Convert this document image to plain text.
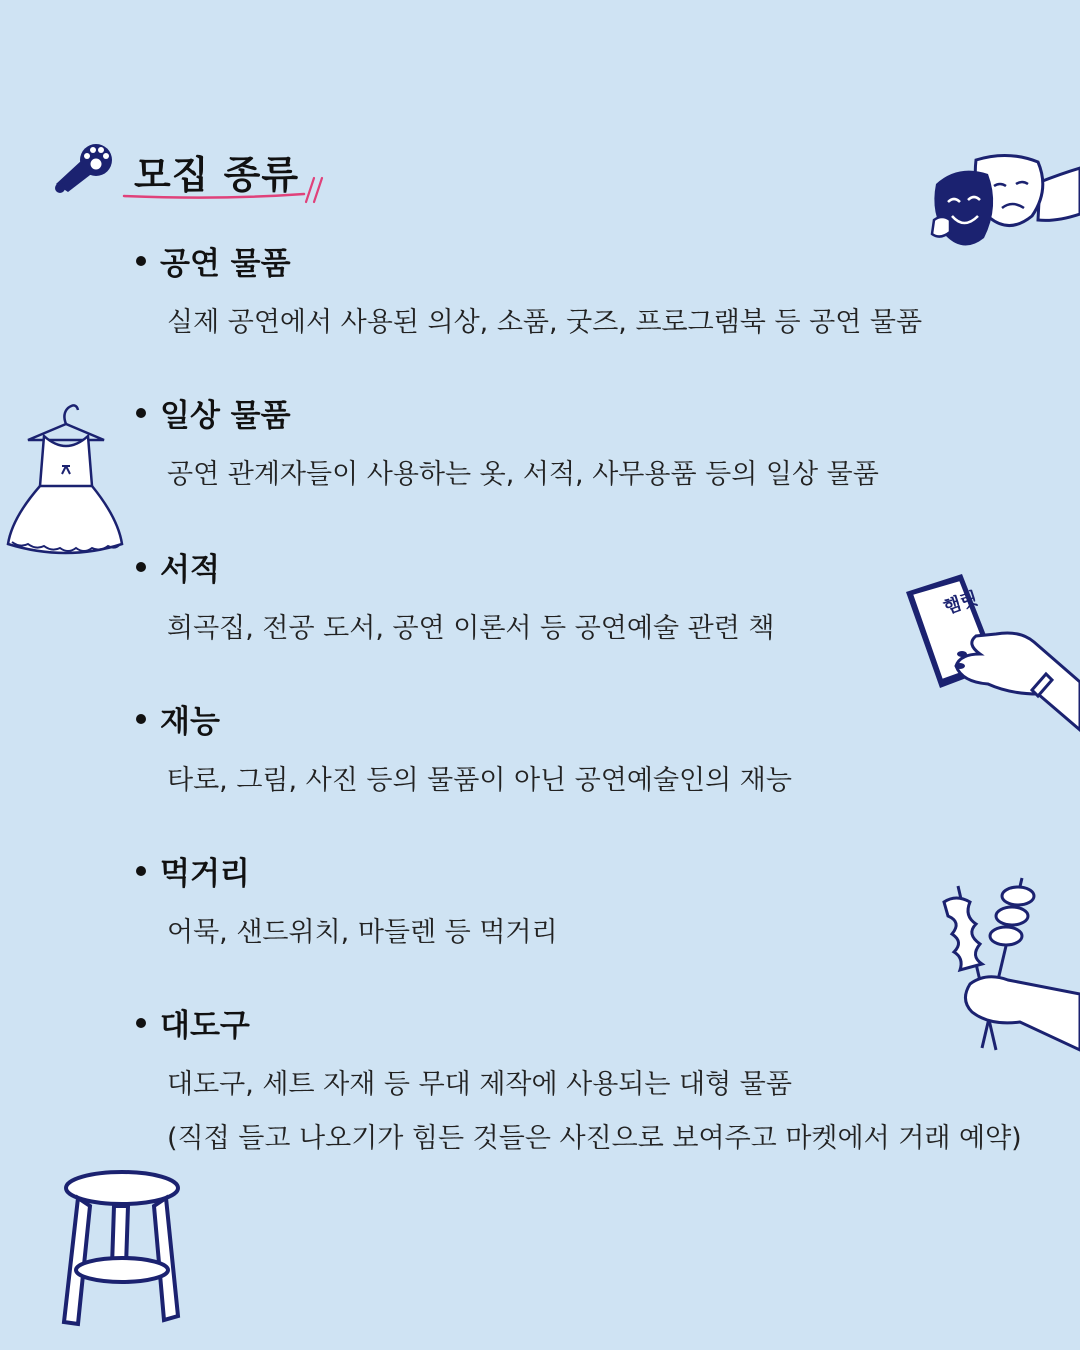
모집 종류
공연 물품
실제 공연에서 사용된 의상, 소품, 굿즈, 프로그램북 등 공연 물품
일상 물품
공연 관계자들이 사용하는 옷, 서적, 사무용품 등의 일상 물품
서적
희곡집, 전공 도서, 공연 이론서 등 공연예술 관련 책
재능
타로, 그림, 사진 등의 물품이 아닌 공연예술인의 재능
먹거리
어묵, 샌드위치, 마들렌 등 먹거리
대도구
대도구, 세트 자재 등 무대 제작에 사용되는 대형 물품
(직접 들고 나오기가 힘든 것들은 사진으로 보여주고 마켓에서 거래 예약)
햄릿
